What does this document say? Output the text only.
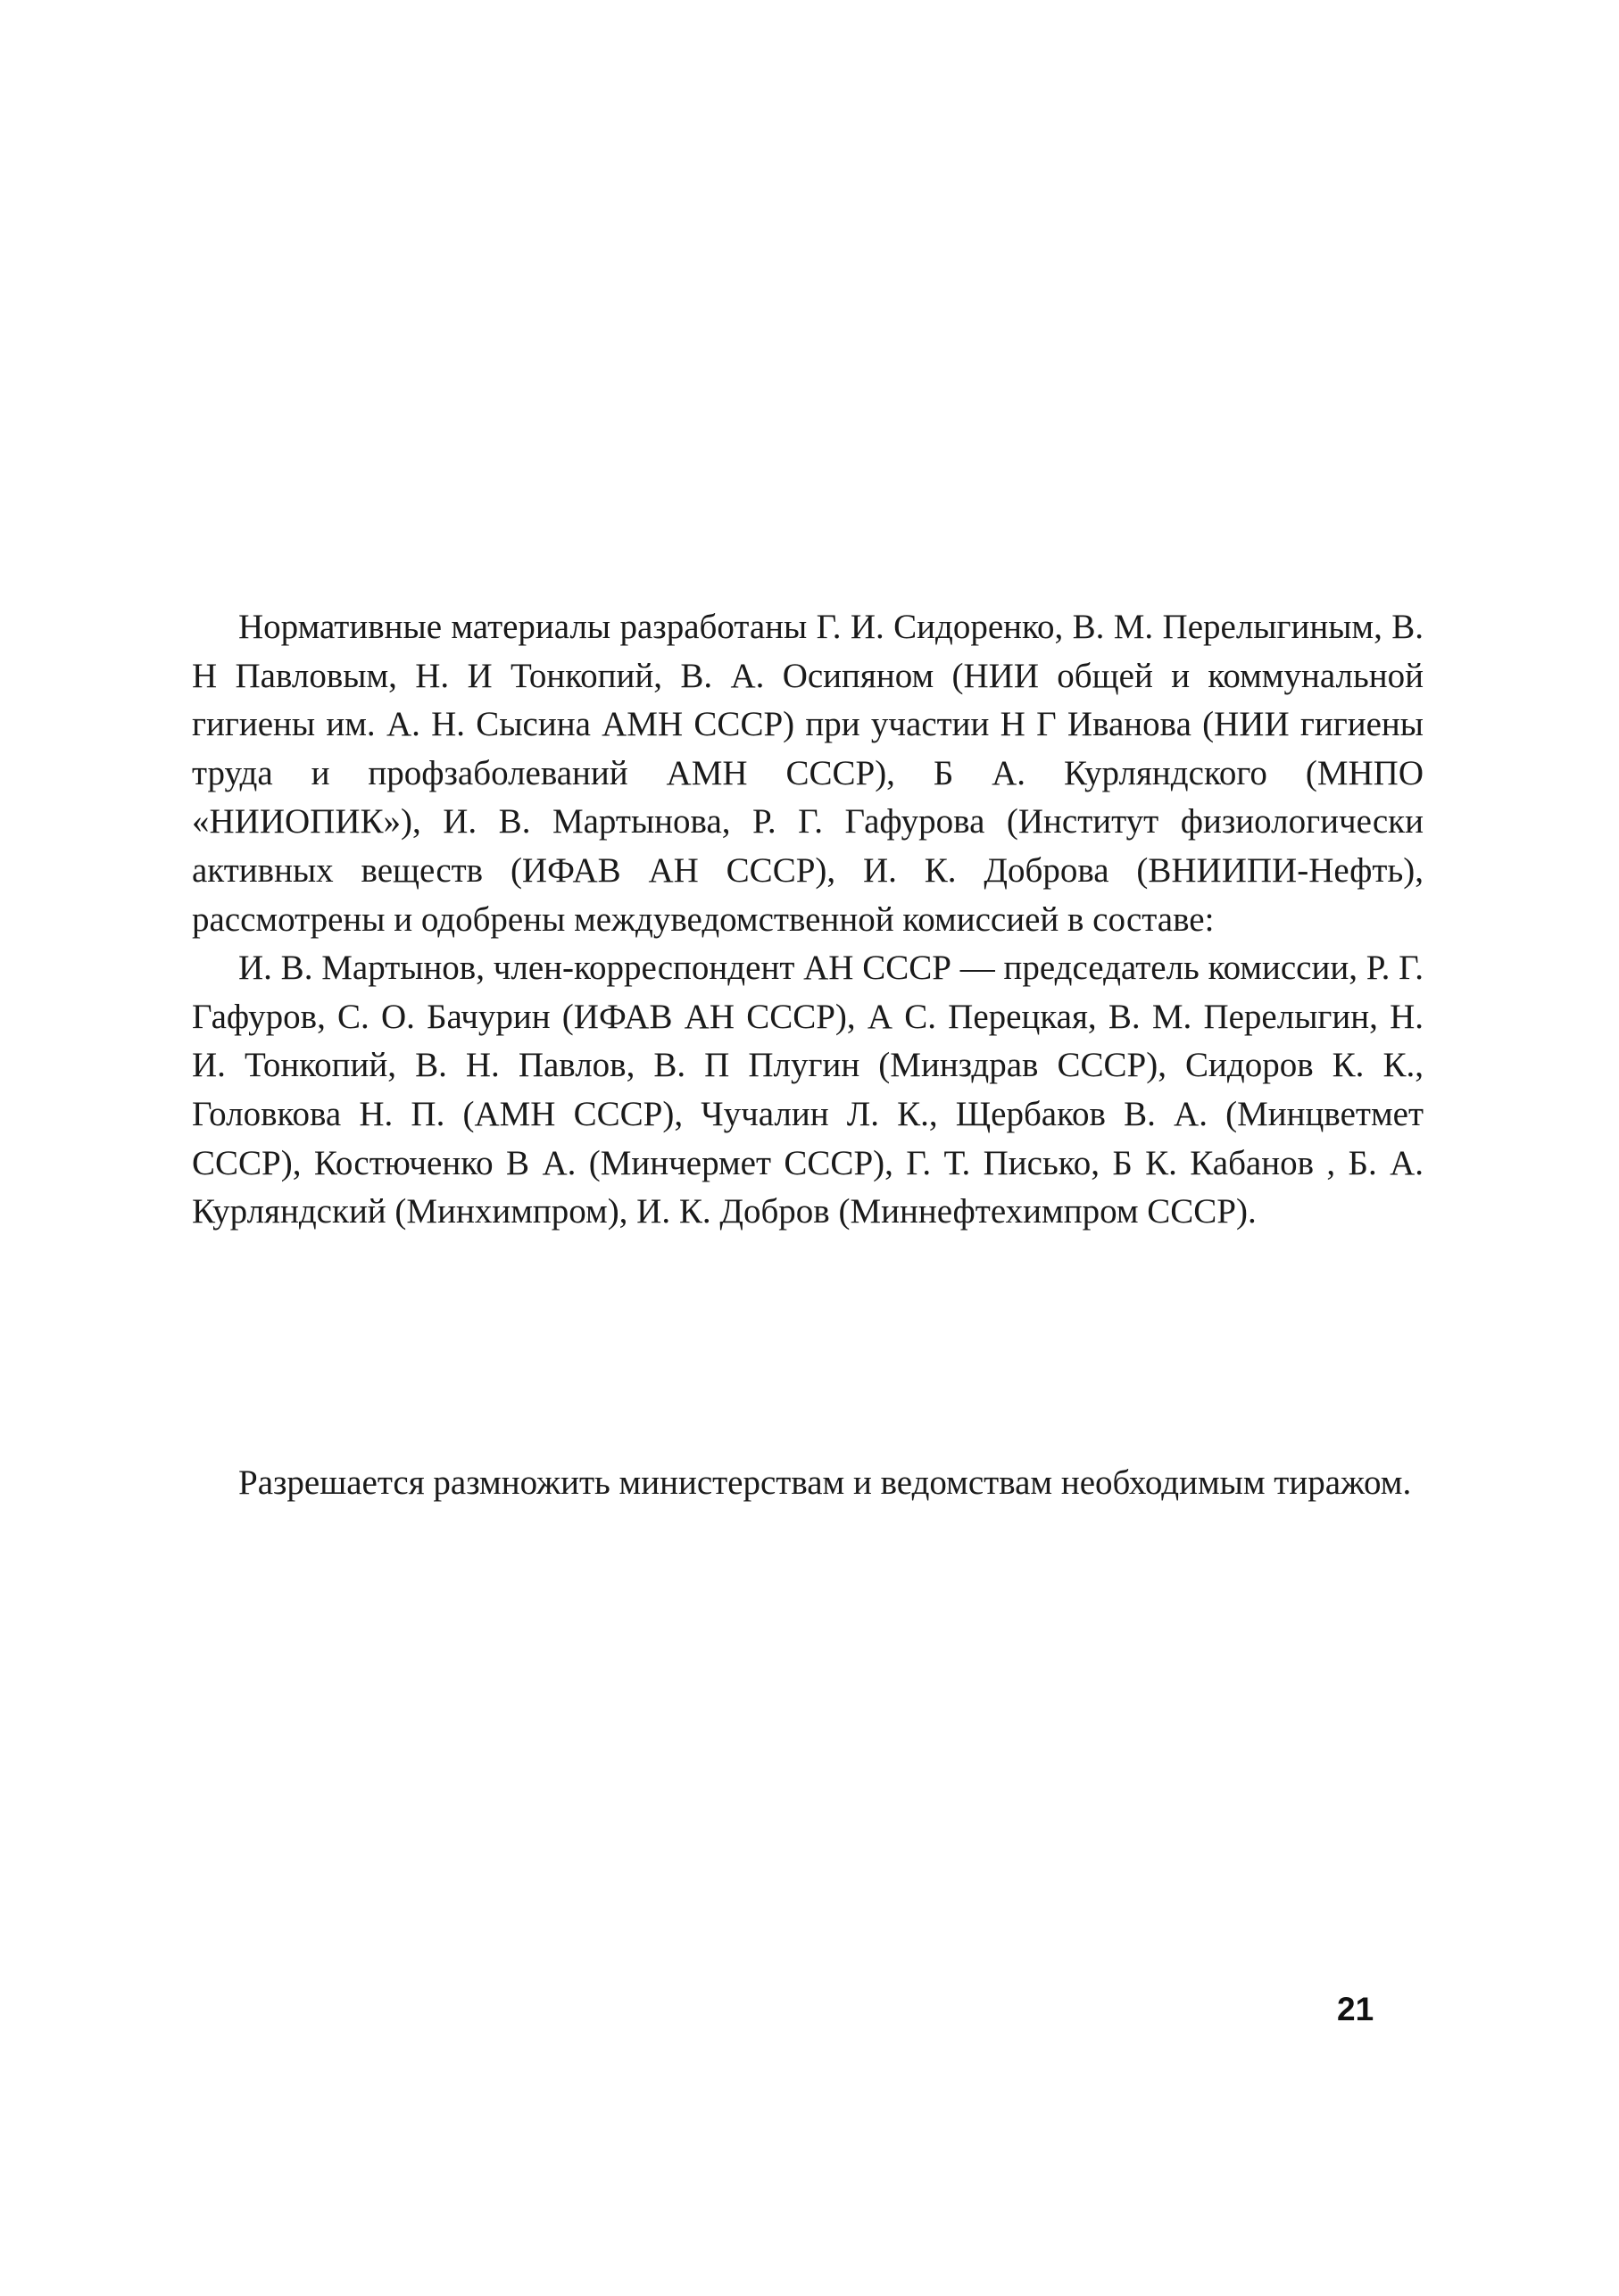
Нормативные материалы разработаны Г. И. Сидоренко, В. М. Перелыгиным, В. Н Павловым, Н. И Тонкопий, В. А. Осипяном (НИИ общей и коммунальной гигиены им. А. Н. Сысина АМН СССР) при участии Н Г Иванова (НИИ гигиены труда и профзаболеваний АМН СССР), Б А. Курляндского (МНПО «НИИОПИК»), И. В. Мартынова, Р. Г. Гафурова (Институт физиологически активных веществ (ИФАВ АН СССР), И. К. Доброва (ВНИИПИ-Нефть), рассмотрены и одобрены междуведомственной комиссией в составе:

И. В. Мартынов, член-корреспондент АН СССР — председатель комиссии, Р. Г. Гафуров, С. О. Бачурин (ИФАВ АН СССР), А С. Перецкая, В. М. Перелыгин, Н. И. Тонкопий, В. Н. Павлов, В. П Плугин (Минздрав СССР), Сидоров К. К., Головкова Н. П. (АМН СССР), Чучалин Л. К., Щербаков В. А. (Минцветмет СССР), Костюченко В А. (Минчермет СССР), Г. Т. Писько, Б К. Кабанов , Б. А. Курляндский (Минхимпром), И. К. Добров (Миннефтехимпром СССР).

Разрешается размножить министерствам и ведомствам необходимым тиражом.

21
